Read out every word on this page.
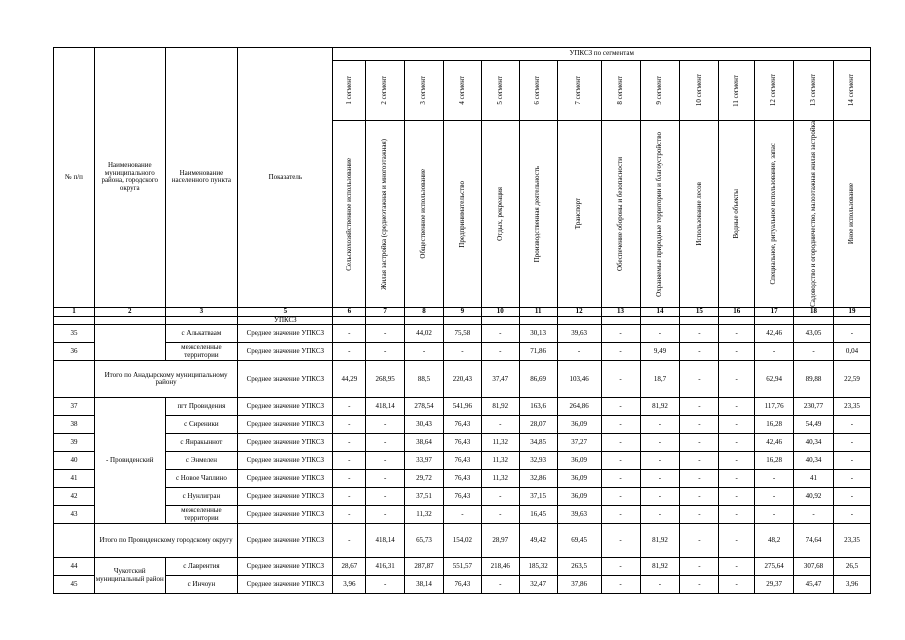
№ п/п	Наименование муниципального района, городского округа	Наименование населенного пункта	Показатель	УПКСЗ по сегментам													

				1 сегмент	2 сегмент	3 сегмент	4 сегмент	5 сегмент	6 сегмент	7 сегмент	8 сегмент	9 сегмент	10 сегмент	11 сегмент	12 сегмент	13 сегмент	14 сегмент

				Сельскохозяйственное использование	Жилая застройка (среднеэтажная и многоэтажная)	Общественное использование	Предпринимательство	Отдых, рекреация	Производственная деятельность	Транспорт	Обеспечение обороны и безопасности	Охраняемые природные территории и благоустройство	Использование лесов	Водные объекты	Специальное, ритуальное использование, запас	Садоводство и огородничество, малоэтажная жилая застройка	Иное использование

1	2	3	5	6	7	8	9	10	11	12	13	14	15	16	17	18	19
			УПКСЗ														
35		с Алькатваам	Среднее значение УПКСЗ	-	-	44,02	75,58	-	30,13	39,63	-	-	-	-	42,46	43,05	-
36		межселенные территории	Среднее значение УПКСЗ	-	-	-	-	-	71,86	-	-	9,49	-	-	-	-	0,04
	Итого по Анадырскому муниципальному району		Среднее значение УПКСЗ	44,29	268,95	88,5	220,43	37,47	86,69	103,46	-	18,7	-	-	62,94	89,88	22,59
37	- Провиденский	пгт Провидения	Среднее значение УПКСЗ	-	418,14	278,54	541,96	81,92	163,6	264,86	-	81,92	-	-	117,76	230,77	23,35
38		с Сиреники	Среднее значение УПКСЗ	-	-	30,43	76,43	-	28,07	36,09	-	-	-	-	16,28	54,49	-
39		с Янракыннот	Среднее значение УПКСЗ	-	-	38,64	76,43	11,32	34,85	37,27	-	-	-	-	42,46	40,34	-
40		с Энмелен	Среднее значение УПКСЗ	-	-	33,97	76,43	11,32	32,93	36,09	-	-	-	-	16,28	40,34	-
41		с Новое Чаплино	Среднее значение УПКСЗ	-	-	29,72	76,43	11,32	32,86	36,09	-	-	-	-	-	41	-
42		с Нунлигран	Среднее значение УПКСЗ	-	-	37,51	76,43	-	37,15	36,09	-	-	-	-	-	40,92	-
43		межселенные территории	Среднее значение УПКСЗ	-	-	11,32	-	-	16,45	39,63	-	-	-	-	-	-	-
	Итого по Провиденскому городскому округу		Среднее значение УПКСЗ	-	418,14	65,73	154,02	28,97	49,42	69,45	-	81,92	-	-	48,2	74,64	23,35
44	Чукотский муниципальный район	с Лаврентия	Среднее значение УПКСЗ	28,67	416,31	287,87	551,57	218,46	185,32	263,5	-	81,92	-	-	275,64	307,68	26,5
45		с Инчоун	Среднее значение УПКСЗ	3,96	-	38,14	76,43	-	32,47	37,86	-	-	-	-	29,37	45,47	3,96
